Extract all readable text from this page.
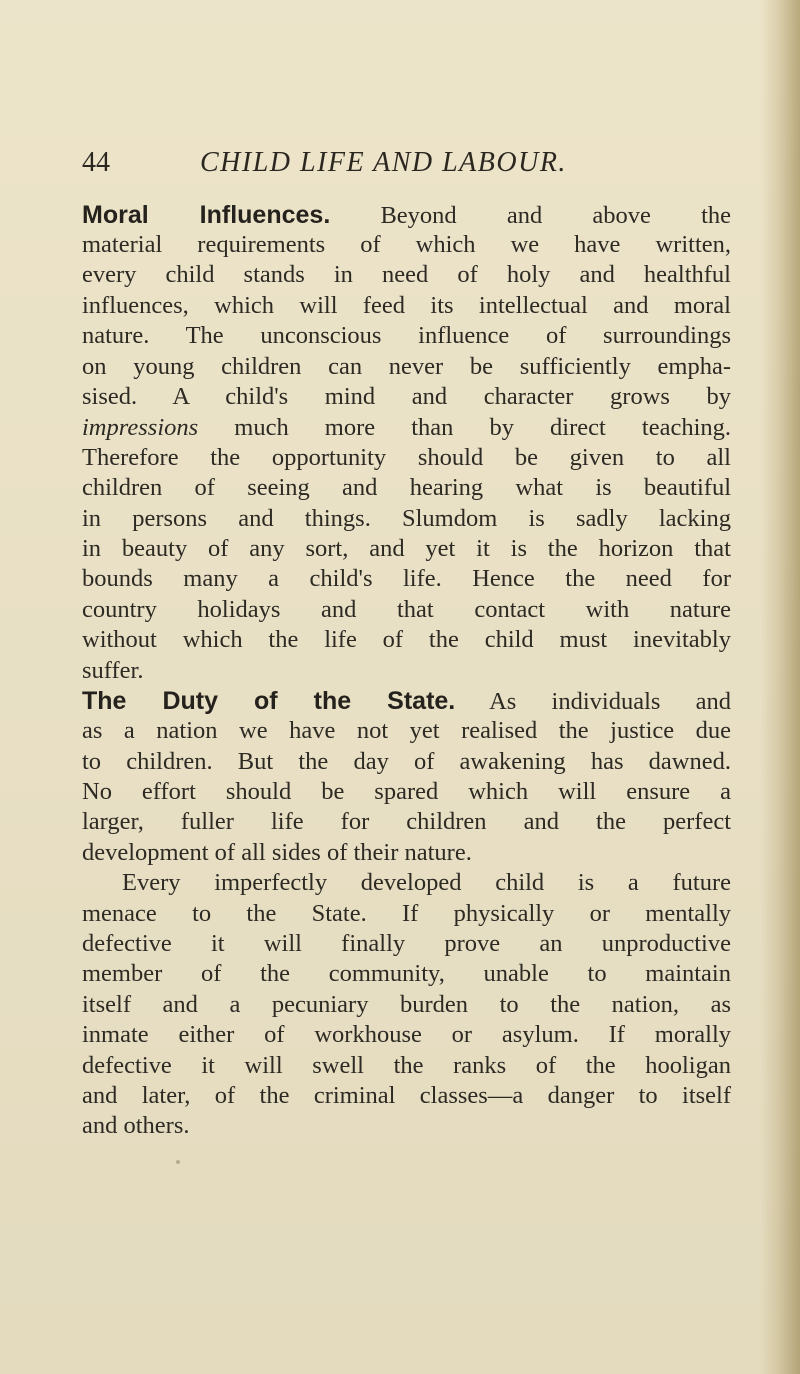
44	CHILD LIFE AND LABOUR.
Moral Influences. Beyond and above the
material requirements of which we have written,
every child stands in need of holy and healthful
influences, which will feed its intellectual and moral
nature. The unconscious influence of surroundings
on young children can never be sufficiently empha-
sised. A child's mind and character grows by
impressions much more than by direct teaching.
Therefore the opportunity should be given to all
children of seeing and hearing what is beautiful
in persons and things. Slumdom is sadly lacking
in beauty of any sort, and yet it is the horizon that
bounds many a child's life. Hence the need for
country holidays and that contact with nature
without which the life of the child must inevitably
suffer.
The Duty of the State. As individuals and
as a nation we have not yet realised the justice due
to children. But the day of awakening has dawned.
No effort should be spared which will ensure a
larger, fuller life for children and the perfect
development of all sides of their nature.
Every imperfectly developed child is a future
menace to the State. If physically or mentally
defective it will finally prove an unproductive
member of the community, unable to maintain
itself and a pecuniary burden to the nation, as
inmate either of workhouse or asylum. If morally
defective it will swell the ranks of the hooligan
and later, of the criminal classes—a danger to itself
and others.
